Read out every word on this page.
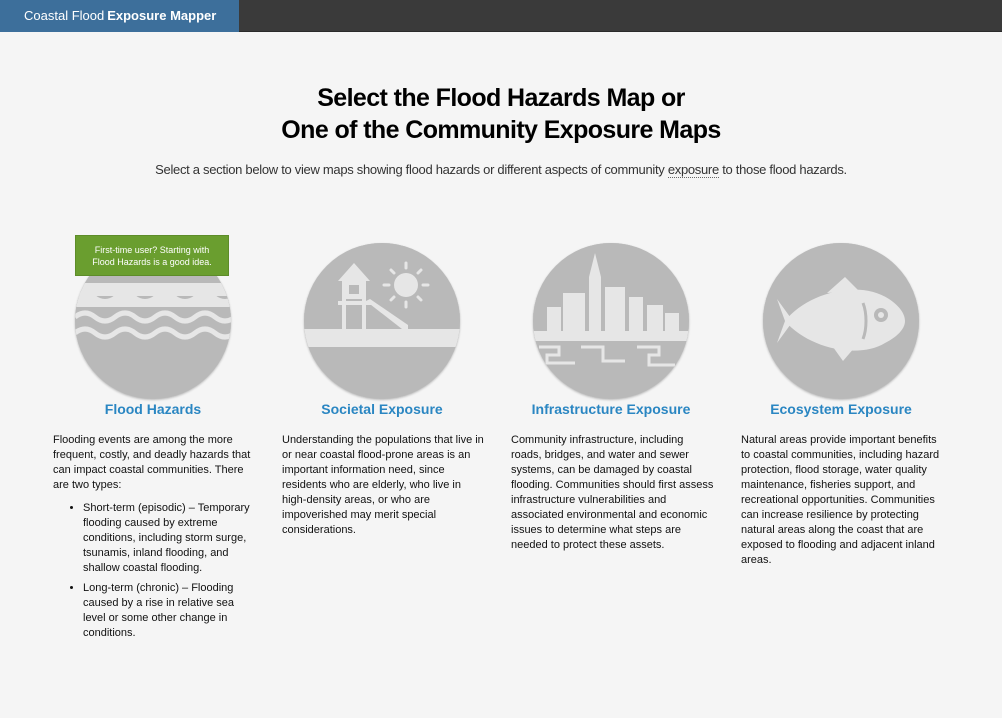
Coastal Flood Exposure Mapper
Select the Flood Hazards Map or
One of the Community Exposure Maps
Select a section below to view maps showing flood hazards or different aspects of community exposure to those flood hazards.
Flood Hazards
Flooding events are among the more frequent, costly, and deadly hazards that can impact coastal communities. There are two types:
• Short-term (episodic) – Temporary flooding caused by extreme conditions, including storm surge, tsunamis, inland flooding, and shallow coastal flooding.
• Long-term (chronic) – Flooding caused by a rise in relative sea level or some other change in conditions.
First-time user? Starting with
Flood Hazards is a good idea.
Societal Exposure
Understanding the populations that live in or near coastal flood-prone areas is an important information need, since residents who are elderly, who live in high-density areas, or who are impoverished may merit special considerations.
Infrastructure Exposure
Community infrastructure, including roads, bridges, and water and sewer systems, can be damaged by coastal flooding. Communities should first assess infrastructure vulnerabilities and associated environmental and economic issues to determine what steps are needed to protect these assets.
Ecosystem Exposure
Natural areas provide important benefits to coastal communities, including hazard protection, flood storage, water quality maintenance, fisheries support, and recreational opportunities. Communities can increase resilience by protecting natural areas along the coast that are exposed to flooding and adjacent inland areas.
